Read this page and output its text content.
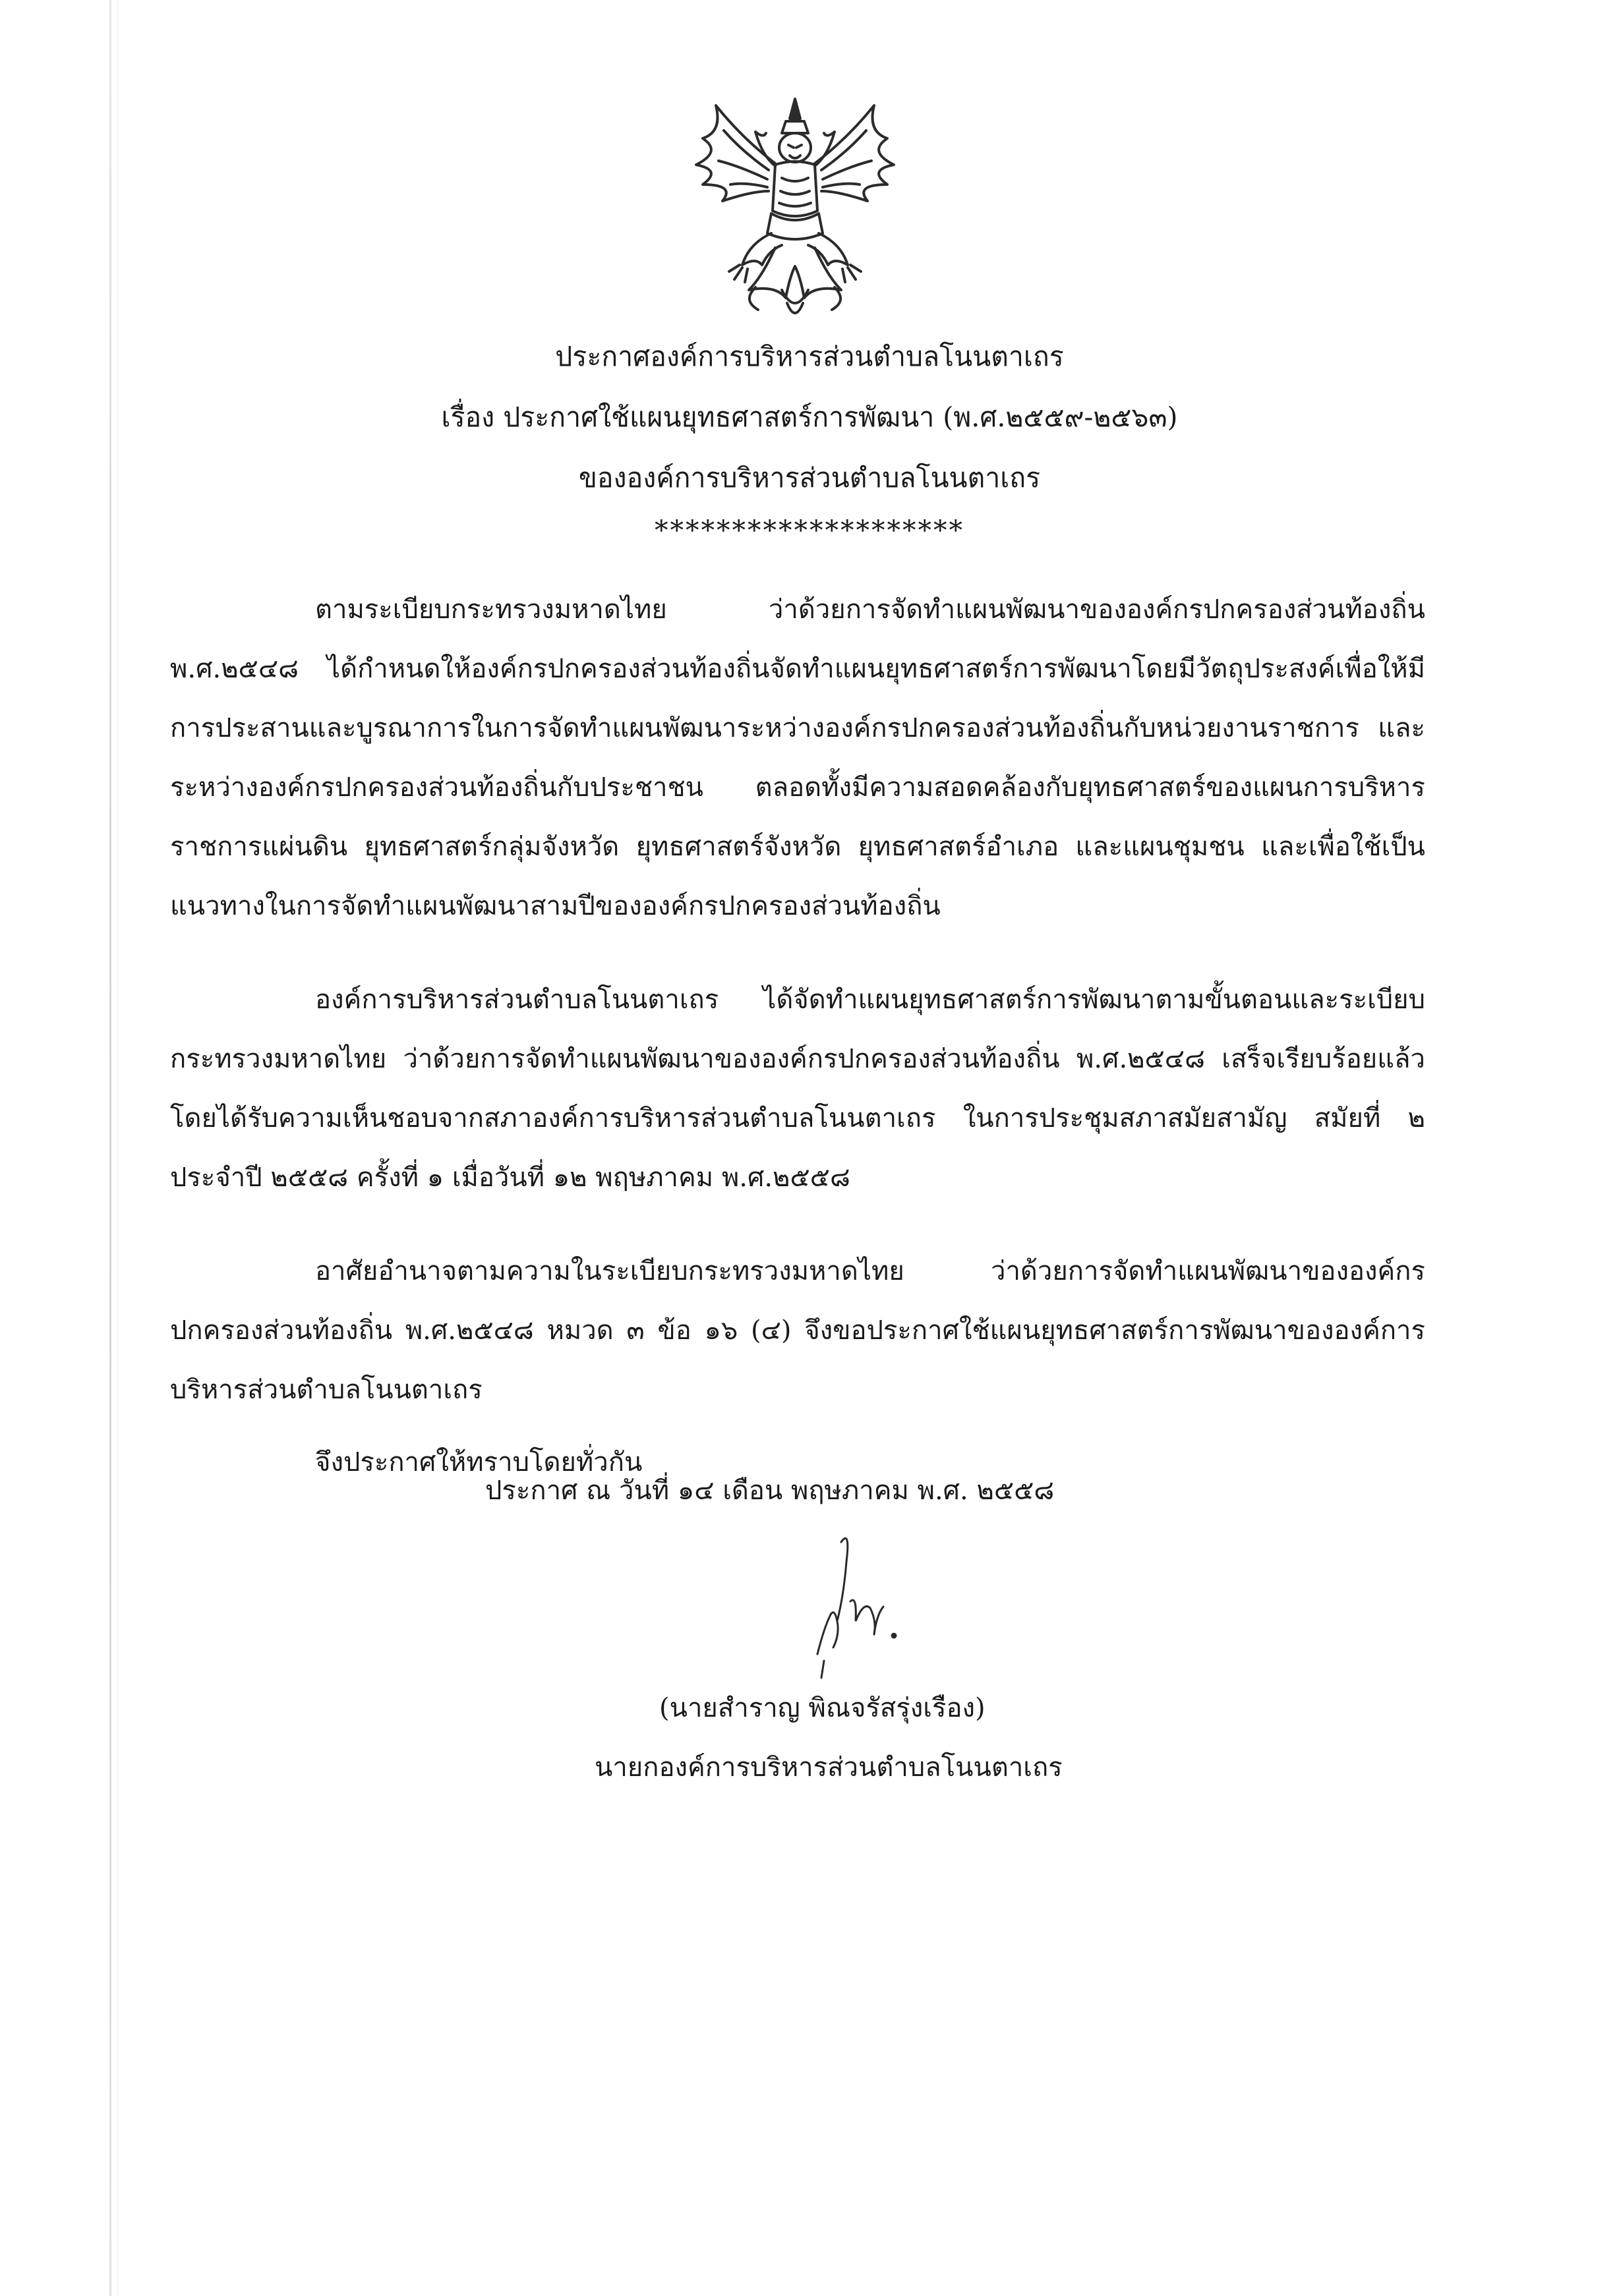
ประกาศองค์การบริหารส่วนตำบลโนนตาเถร
เรื่อง ประกาศใช้แผนยุทธศาสตร์การพัฒนา (พ.ศ.๒๕๕๙-๒๕๖๓)
ขององค์การบริหารส่วนตำบลโนนตาเถร
********************

ตามระเบียบกระทรวงมหาดไทย ว่าด้วยการจัดทำแผนพัฒนาขององค์กรปกครองส่วนท้องถิ่น พ.ศ.๒๕๔๘ ได้กำหนดให้องค์กรปกครองส่วนท้องถิ่นจัดทำแผนยุทธศาสตร์การพัฒนาโดยมีวัตถุประสงค์เพื่อให้มีการประสานและบูรณาการในการจัดทำแผนพัฒนาระหว่างองค์กรปกครองส่วนท้องถิ่นกับหน่วยงานราชการ และระหว่างองค์กรปกครองส่วนท้องถิ่นกับประชาชน ตลอดทั้งมีความสอดคล้องกับยุทธศาสตร์ของแผนการบริหารราชการแผ่นดิน ยุทธศาสตร์กลุ่มจังหวัด ยุทธศาสตร์จังหวัด ยุทธศาสตร์อำเภอ และแผนชุมชน และเพื่อใช้เป็นแนวทางในการจัดทำแผนพัฒนาสามปีขององค์กรปกครองส่วนท้องถิ่น

องค์การบริหารส่วนตำบลโนนตาเถร ได้จัดทำแผนยุทธศาสตร์การพัฒนาตามขั้นตอนและระเบียบกระทรวงมหาดไทย ว่าด้วยการจัดทำแผนพัฒนาขององค์กรปกครองส่วนท้องถิ่น พ.ศ.๒๕๔๘ เสร็จเรียบร้อยแล้ว โดยได้รับความเห็นชอบจากสภาองค์การบริหารส่วนตำบลโนนตาเถร ในการประชุมสภาสมัยสามัญ สมัยที่ ๒ ประจำปี ๒๕๕๘ ครั้งที่ ๑ เมื่อวันที่ ๑๒ พฤษภาคม พ.ศ.๒๕๕๘

อาศัยอำนาจตามความในระเบียบกระทรวงมหาดไทย ว่าด้วยการจัดทำแผนพัฒนาขององค์กรปกครองส่วนท้องถิ่น พ.ศ.๒๕๔๘ หมวด ๓ ข้อ ๑๖ (๔) จึงขอประกาศใช้แผนยุทธศาสตร์การพัฒนาขององค์การบริหารส่วนตำบลโนนตาเถร

จึงประกาศให้ทราบโดยทั่วกัน

ประกาศ ณ วันที่ ๑๔ เดือน พฤษภาคม พ.ศ. ๒๕๕๘
(นายสำราญ พิณจรัสรุ่งเรือง)
นายกองค์การบริหารส่วนตำบลโนนตาเถร
